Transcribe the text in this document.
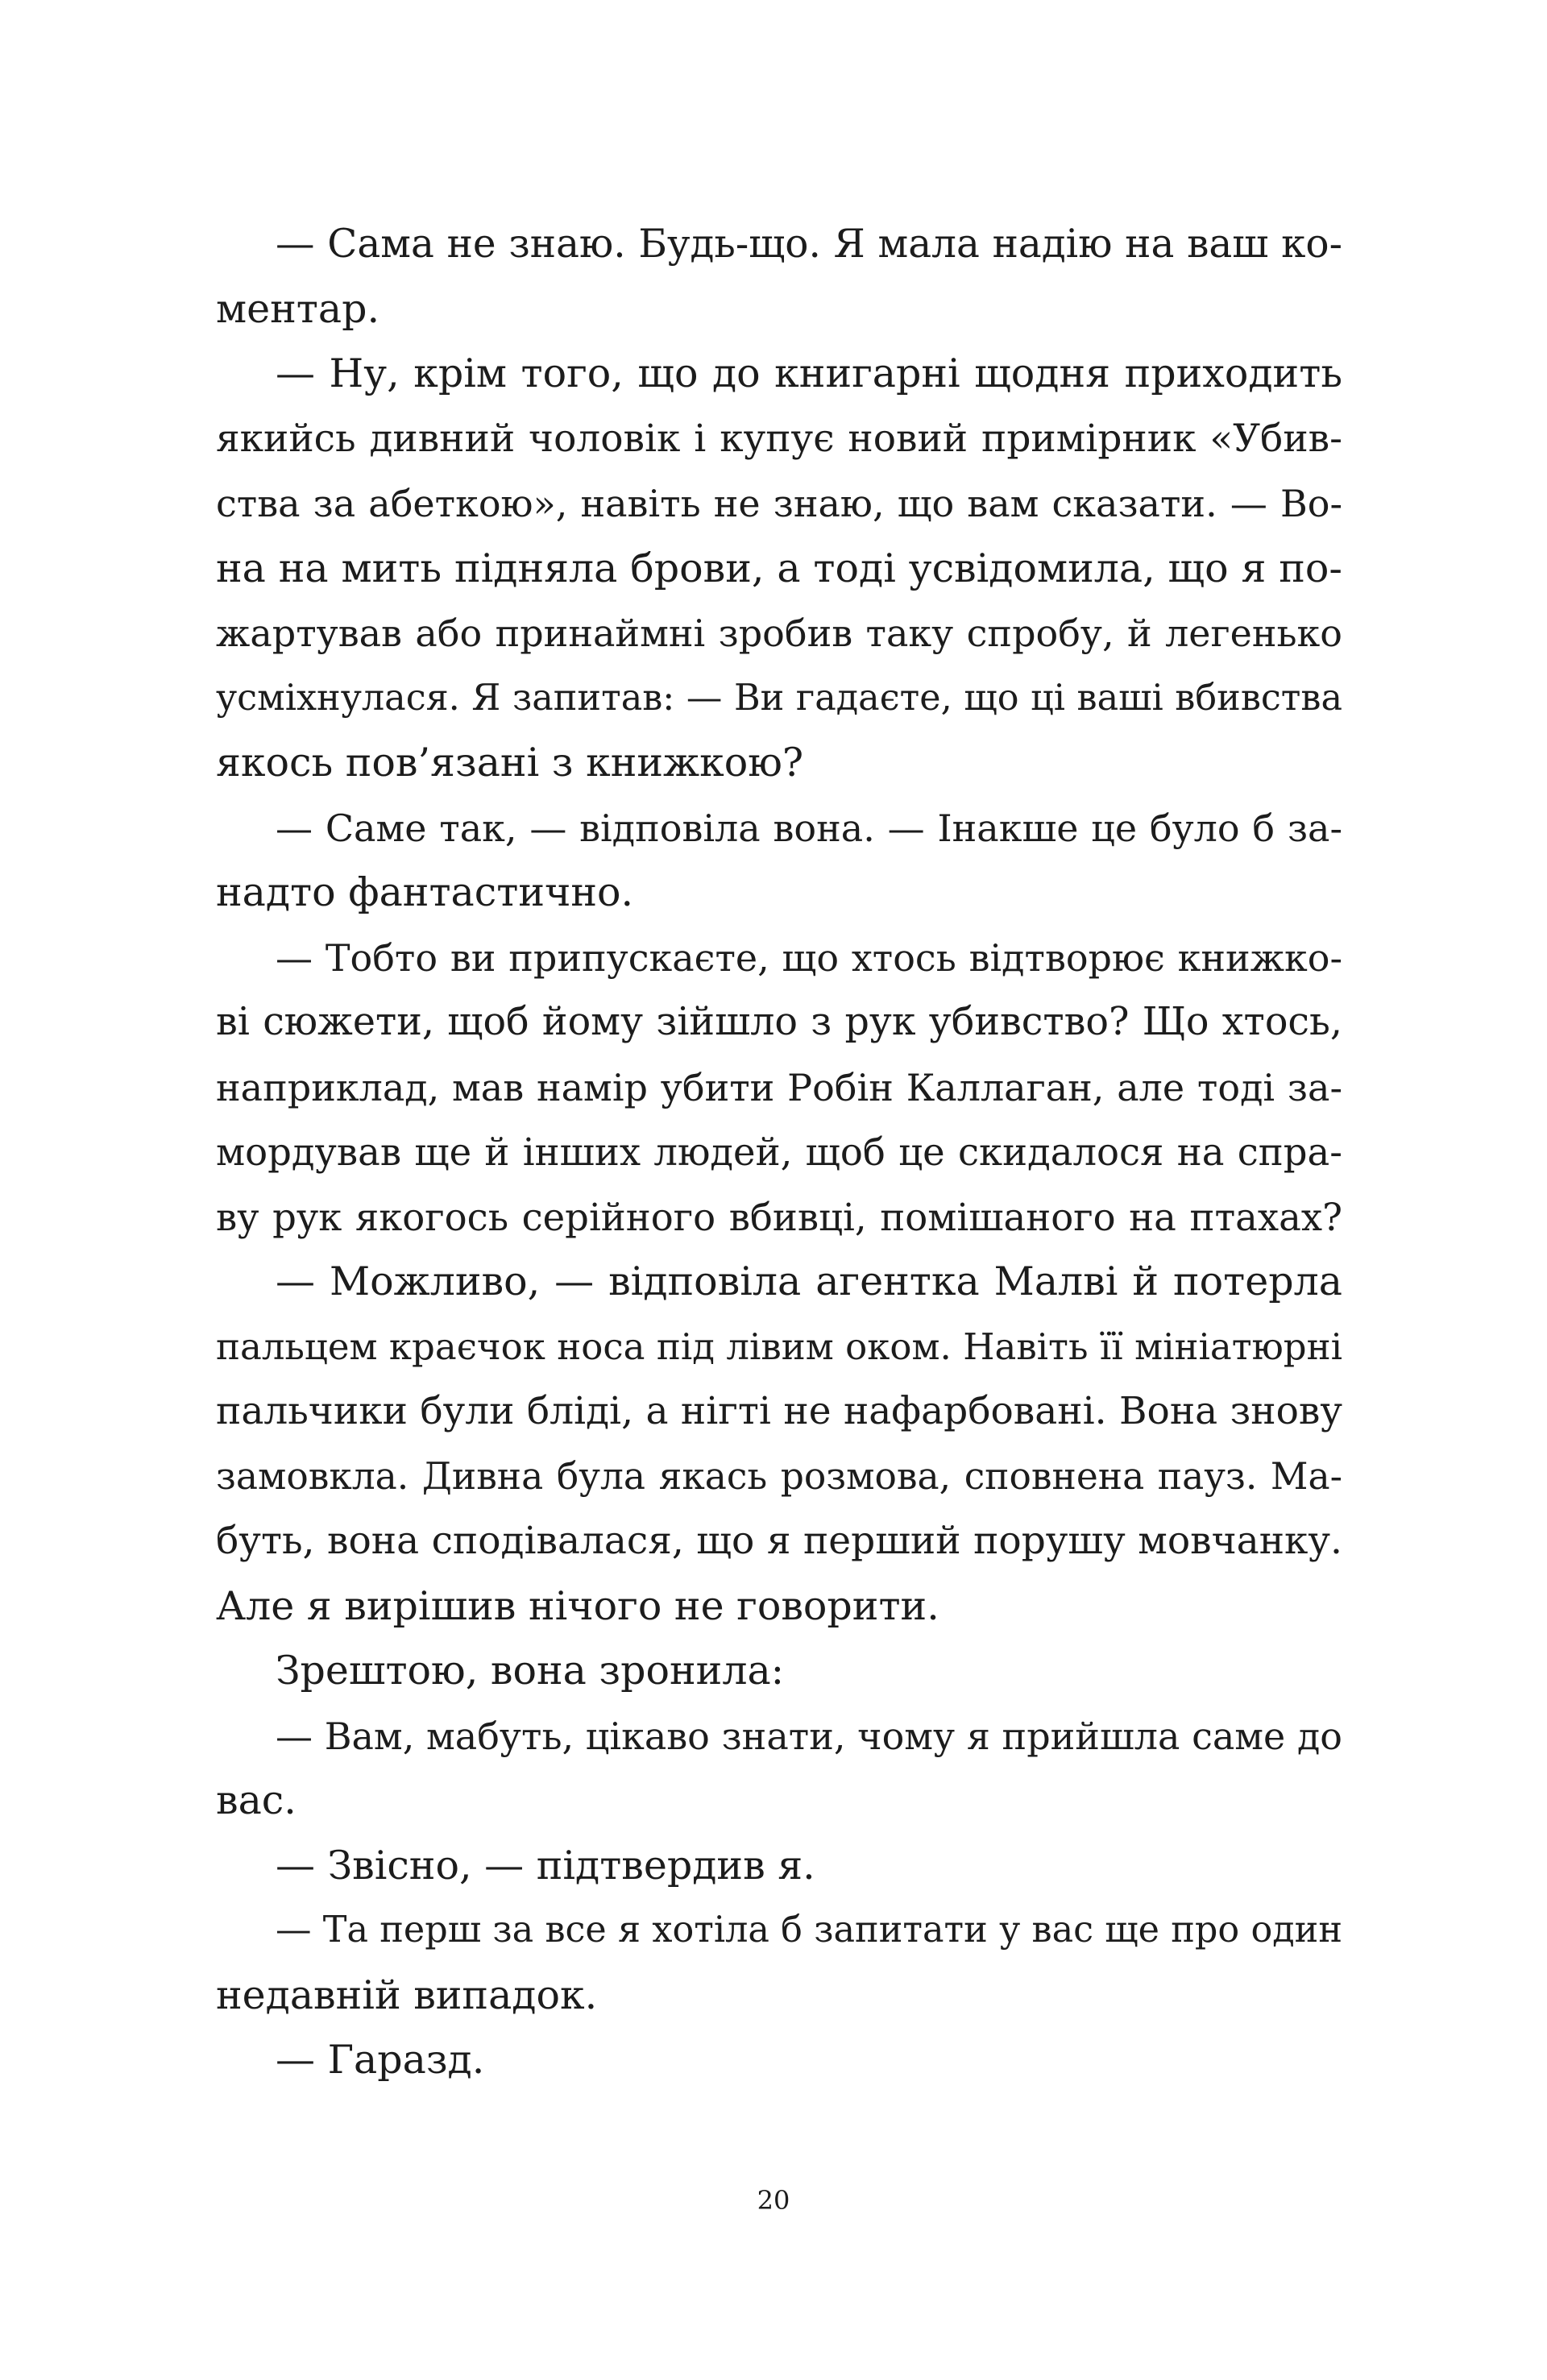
— Сама не знаю. Будь-що. Я мала надію на ваш ко-
ментар.
— Ну, крім того, що до книгарні щодня приходить
якийсь дивний чоловік і купує новий примірник «Убив-
ства за абеткою», навіть не знаю, що вам сказати. — Во-
на на мить підняла брови, а тоді усвідомила, що я по-
жартував або принаймні зробив таку спробу, й легенько
усміхнулася. Я запитав: — Ви гадаєте, що ці ваші вбивства
якось пов’язані з книжкою?
— Саме так, — відповіла вона. — Інакше це було б за-
надто фантастично.
— Тобто ви припускаєте, що хтось відтворює книжко-
ві сюжети, щоб йому зійшло з рук убивство? Що хтось,
наприклад, мав намір убити Робін Каллаган, але тоді за-
мордував ще й інших людей, щоб це скидалося на спра-
ву рук якогось серійного вбивці, помішаного на птахах?
— Можливо, — відповіла агентка Малві й потерла
пальцем краєчок носа під лівим оком. Навіть її мініатюрні
пальчики були бліді, а нігті не нафарбовані. Вона знову
замовкла. Дивна була якась розмова, сповнена пауз. Ма-
буть, вона сподівалася, що я перший порушу мовчанку.
Але я вирішив нічого не говорити.
Зрештою, вона зронила:
— Вам, мабуть, цікаво знати, чому я прийшла саме до
вас.
— Звісно, — підтвердив я.
— Та перш за все я хотіла б запитати у вас ще про один
недавній випадок.
— Гаразд.
20
